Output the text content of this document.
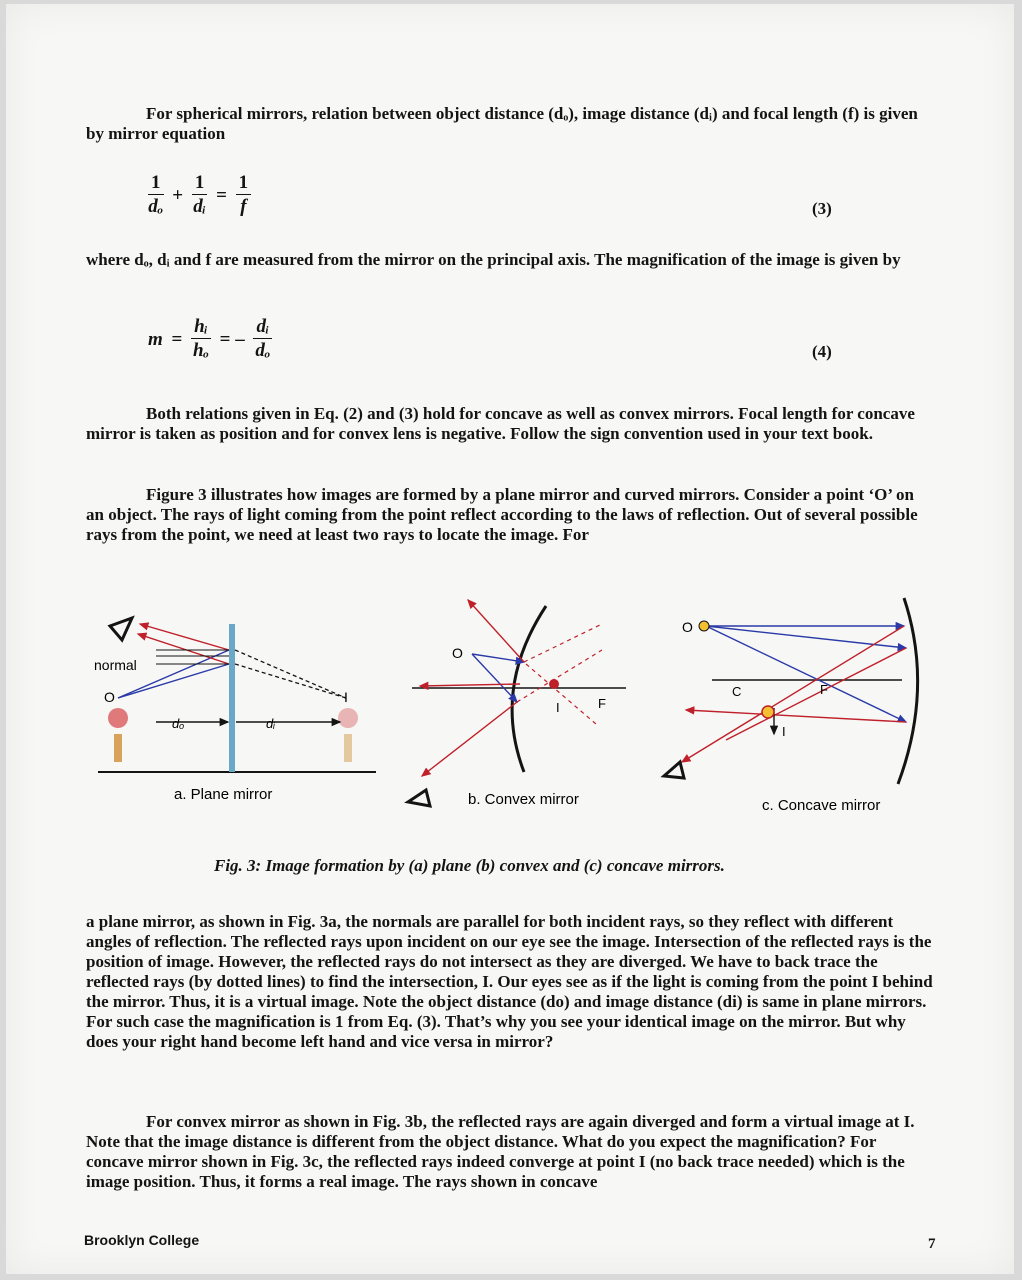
For spherical mirrors, relation between object distance (dₒ), image distance (dᵢ) and focal length (f) is given by mirror equation

$\frac{1}{\text{dₒ}} + \frac{1}{\text{dᵢ}} = \frac{1}{f}$	(3)

where dₒ, dᵢ and f are measured from the mirror on the principal axis. The magnification of the image is given by

$m = \frac{\text{hᵢ}}{\text{hₒ}}$ = – $\frac{\text{dᵢ}}{\text{dₒ}}$	(4)

Both relations given in Eq. (2) and (3) hold for concave as well as convex mirrors. Focal length for concave mirror is taken as position and for convex lens is negative. Follow the sign convention used in your text book.

Figure 3 illustrates how images are formed by a plane mirror and curved mirrors. Consider a point ‘O’ on an object. The rays of light coming from the point reflect according to the laws of reflection. Out of several possible rays from the point, we need at least two rays to locate the image. For

normal
O	I
dₒ	dᵢ
a. Plane mirror
O
I	F
b. Convex mirror
O
C	F
I
c. Concave mirror
Fig. 3: Image formation by (a) plane (b) convex and (c) concave mirrors.

a plane mirror, as shown in Fig. 3a, the normals are parallel for both incident rays, so they reflect with different angles of reflection. The reflected rays upon incident on our eye see the image. Intersection of the reflected rays is the position of image. However, the reflected rays do not intersect as they are diverged. We have to back trace the reflected rays (by dotted lines) to find the intersection, I. Our eyes see as if the light is coming from the point I behind the mirror. Thus, it is a virtual image. Note the object distance (do) and image distance (di) is same in plane mirrors. For such case the magnification is 1 from Eq. (3). That’s why you see your identical image on the mirror. But why does your right hand become left hand and vice versa in mirror?

For convex mirror as shown in Fig. 3b, the reflected rays are again diverged and form a virtual image at I. Note that the image distance is different from the object distance. What do you expect the magnification? For concave mirror shown in Fig. 3c, the reflected rays indeed converge at point I (no back trace needed) which is the image position. Thus, it forms a real image. The rays shown in concave

Brooklyn College	7
